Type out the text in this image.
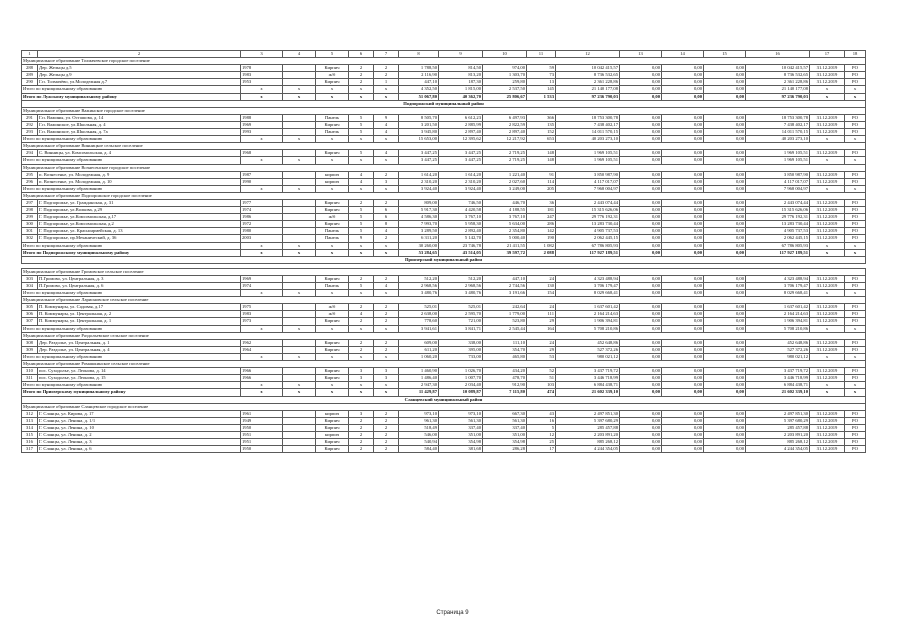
1	2	3	4	5	6	7	8	9	10	11	12	13	14	15	16	17	18
Муниципальное образование Толмачевское городское поселение																	
288	Дер. Жельцы д.5	1978		Кирпич	2	2	1 788,50	814,50	974,00	59	10 042 415,57	0,00	0,00	0,00	10 042 415,57	31.12.2019	РО
289	Дер. Жельцы д.9	1983		ж/б	2	2	2 116,90	813,20	1 303,70	73	8 736 532,65	0,00	0,00	0,00	8 736 532,65	31.12.2019	РО
290	Г.п. Толмачёво, ул.Молодежная д.7	1953		Кирпич	2	1	447,10	187,30	259,80	13	2 361 228,86	0,00	0,00	0,00	2 361 228,86	31.12.2019	РО
Итого по муниципальному образованию		x	x	x	x	x	4 352,50	1 815,00	2 537,50	145	21 140 177,08	0,00	0,00	0,00	21 140 177,08	x	x
Итого по Лужскому муниципальному району		x	x	x	x	x	51 067,80	40 362,70	25 806,67	1 533	97 236 790,03	0,00	0,00	0,00	97 236 790,03	x	x
Подпорожский муниципальный район																	
Муниципальное образование Важинское городское поселение																	
291	Г.п. Важины, ул. Осташова, д. 14	1988		Панель	5	9	8 505,70	6 612,23	6 497,93	366	18 753 300,78	0,00	0,00	0,00	18 753 300,78	31.12.2019	РО
292	Г.п. Важинское, ул.Школьная, д. 4	1969		Кирпич	5	4	3 201,50	2 885,99	2 822,59	135	7 438 402,17	0,00	0,00	0,00	7 438 402,17	31.12.2019	РО
293	Г.п. Важинское, ул.Школьная, д. 7а	1993		Панель	5	4	3 945,80	2 897,40	2 897,40	152	14 011 570,15	0,00	0,00	0,00	14 011 570,15	31.12.2019	РО
Итого по муниципальному образованию		x	x	x	x	x	15 653,00	12 395,62	12 217,92	653	40 203 273,10	0,00	0,00	0,00	40 203 273,10	x	x
Муниципальное образование Винницкое сельское поселение																	
294	С. Винницы, ул. Комсомольская, д. 4	1968		Кирпич	5	4	3 447,25	3 447,25	2 719,25	148	1 969 105,51	0,00	0,00	0,00	1 969 105,51	31.12.2019	РО
Итого по муниципальному образованию		x	x	x	x	x	3 447,25	3 447,25	2 719,25	148	1 969 105,51	0,00	0,00	0,00	1 969 105,51	x	x
Муниципальное образование Вознесенское городское поселение																	
295	п. Вознесенье, ул. Молодежная, д. 9	1987		кирпич	4	2	1 614,20	1 614,20	1 221,40	91	3 850 987,90	0,00	0,00	0,00	3 850 987,90	31.12.2019	РО
296	п. Вознесенье, ул. Молодежная, д. 10	1990		кирпич	4	3	2 310,20	2 310,20	2 027,60	114	4 117 017,07	0,00	0,00	0,00	4 117 017,07	31.12.2019	РО
Итого по муниципальному образованию		x	x	x	x	x	3 924,40	3 924,40	3 249,00	205	7 968 004,97	0,00	0,00	0,00	7 968 004,97	x	x
Муниципальное образование Подпорожское городское поселение																	
297	Г. Подпорожье, ул. Гражданская, д. 31	1977		Кирпич	2	2	809,00	746,50	446,70	36	2 443 074,44	0,00	0,00	0,00	2 443 074,44	31.12.2019	РО
298	Г. Подпорожье, ул.Волкова, д.29	1974		Кирпич	5	6	5 917,30	4 420,58	4 188,55	181	15 315 626,06	0,00	0,00	0,00	15 315 626,06	31.12.2019	РО
299	Г. Подпорожье, ул.Комсомольская, д.17	1986		ж/б	5	6	4 586,30	3 767,10	3 767,10	247	29 776 192,31	0,00	0,00	0,00	29 776 192,31	31.12.2019	РО
300	Г. Подпорожье, ул.Комсомольская, д.2	1972		Кирпич	5	8	7 993,70	5 958,30	5 634,00	286	13 283 730,44	0,00	0,00	0,00	13 283 730,44	31.12.2019	РО
301	Г. Подпорожье, ул. Красноармейская, д. 13	1980		Панель	5	4	3 289,50	2 892,40	2 354,80	142	4 905 737,53	0,00	0,00	0,00	4 905 737,53	31.12.2019	РО
302	Г. Подпорожье, пр.Механический, д. 36	2003		Панель	9	2	6 311,20	5 142,70	5 000,40	190	2 062 445,15	0,00	0,00	0,00	2 062 445,15	31.12.2019	РО
Итого по муниципальному образованию		x	x	x	x	x	30 260,00	23 746,78	21 411,55	1 082	67 786 805,93	0,00	0,00	0,00	67 786 805,93	x	x
Итого по Подпорожскому муниципальному району		x	x	x	x	x	53 284,65	43 514,05	39 597,72	2 088	117 927 189,51	0,00	0,00	0,00	117 927 189,51	x	x
Приозерский муниципальный район																	

Муниципальное образование Громовское сельское поселение																	
303	П.Громово, ул. Центральная, д. 3	1969		Кирпич	2	2	512,20	512,20	447,10	24	4 323 488,94	0,00	0,00	0,00	4 323 488,94	31.12.2019	РО
304	П.Громово, ул. Центральная, д. 6	1974		Панель	5	4	2 968,56	2 968,56	2 744,56	130	3 706 179,47	0,00	0,00	0,00	3 706 179,47	31.12.2019	РО
Итого по муниципальному образованию		x	x	x	x	x	3 480,76	3 480,76	3 191,66	154	8 029 668,41	0,00	0,00	0,00	8 029 668,41	x	x
Муниципальное образование Ларионовское сельское поселение																	
305	П. Коммунары, ул. Садовая, д.17	1975		ж/б	2	2	525,01	525,01	242,64	24	1 637 601,42	0,00	0,00	0,00	1 637 601,42	31.12.2019	РО
306	П. Коммунары, ул. Центральная, д. 2	1983		ж/б	4	2	2 638,00	2 595,70	1 779,00	111	2 164 214,63	0,00	0,00	0,00	2 164 214,63	31.12.2019	РО
307	П. Коммунары, ул. Центральная, д. 1	1973		Кирпич	2	2	778,60	721,00	523,80	29	1 906 394,81	0,00	0,00	0,00	1 906 394,81	31.12.2019	РО
Итого по муниципальному образованию		x	x	x	x	x	3 941,61	3 841,71	2 545,44	164	5 708 210,86	0,00	0,00	0,00	5 708 210,86	x	x
Муниципальное образование Раздольевское сельское поселение																	
308	Дер. Раздолье, ул. Центральная, д. 1	1962		Кирпич	2	2	609,00	338,00	111,10	24	452 648,86	0,00	0,00	0,00	452 648,86	31.12.2019	РО
309	Дер. Раздолье, ул. Центральная, д. 4	1964		Кирпич	2	2	611,20	395,00	354,70	29	527 372,26	0,00	0,00	0,00	527 372,26	31.12.2019	РО
Итого по муниципальному образованию		x	x	x	x	x	1 060,20	733,00	465,80	53	980 021,12	0,00	0,00	0,00	980 021,12	x	x
Муниципальное образование Ромашкинское сельское поселение																	
310	пос. Суходолье, ул. Леонова, д. 14	1966		Кирпич	3	3	1 460,90	1 026,70	434,20	52	3 437 719,72	0,00	0,00	0,00	3 437 719,72	31.12.2019	РО
311	пос. Суходолье, ул. Леонова, д. 15	1966		Кирпич	3	3	1 486,40	1 007,70	478,70	51	3 446 718,99	0,00	0,00	0,00	3 446 718,99	31.12.2019	РО
Итого по муниципальному образованию		x	x	x	x	x	2 947,30	2 034,40	912,90	103	6 884 438,71	0,00	0,00	0,00	6 884 438,71	x	x
Итого по Приозерскому муниципальному району		x	x	x	x	x	11 429,87	10 089,87	7 115,80	474	21 602 339,10	0,00	0,00	0,00	21 602 339,10	x	x
Сланцевский муниципальный район																	
Муниципальное образование Сланцевское городское поселение																	
312	Г. Сланцы, ул. Кирова, д. 17	1961		кирпич	3	2	973,10	973,10	667,30	43	2 497 851,30	0,00	0,00	0,00	2 497 851,30	31.12.2019	РО
313	Г. Сланцы, ул. Ленина, д. 1/1	1949		Кирпич	2	2	961,30	561,30	561,30	16	5 397 680,29	0,00	0,00	0,00	5 397 680,29	31.12.2019	РО
314	Г. Сланцы, ул. Ленина, д. 10	1950		Кирпич	2	2	518,49	337,40	337,40	5	285 457,88	0,00	0,00	0,00	285 457,88	31.12.2019	РО
315	Г. Сланцы, ул. Ленина, д. 2	1951		кирпич	2	2	546,00	351,00	351,00	12	2 203 891,20	0,00	0,00	0,00	2 203 891,20	31.12.2019	РО
316	Г. Сланцы, ул. Ленина, д. 3	1951		Кирпич	2	2	540,94	354,98	354,98	25	885 268,12	0,00	0,00	0,00	885 268,12	31.12.2019	РО
317	Г. Сланцы, ул. Ленина, д. 6	1950		Кирпич	2	2	584,40	381,68	286,28	17	4 244 354,05	0,00	0,00	0,00	4 244 354,05	31.12.2019	РО
Страница 9
